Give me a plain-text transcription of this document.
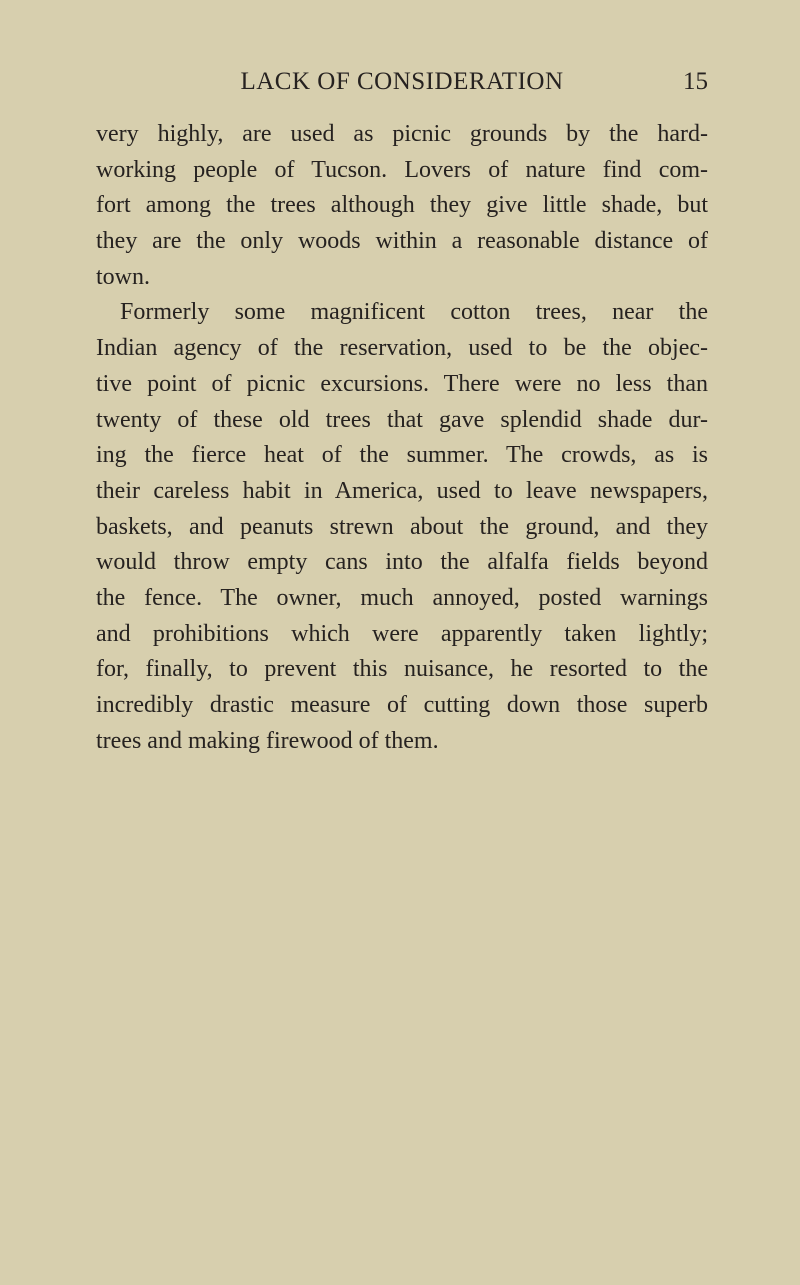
LACK OF CONSIDERATION	15
very highly, are used as picnic grounds by the hard-
working people of Tucson. Lovers of nature find com-
fort among the trees although they give little shade, but
they are the only woods within a reasonable distance of
town.
Formerly some magnificent cotton trees, near the
Indian agency of the reservation, used to be the objec-
tive point of picnic excursions. There were no less than
twenty of these old trees that gave splendid shade dur-
ing the fierce heat of the summer. The crowds, as is
their careless habit in America, used to leave newspapers,
baskets, and peanuts strewn about the ground, and they
would throw empty cans into the alfalfa fields beyond
the fence. The owner, much annoyed, posted warnings
and prohibitions which were apparently taken lightly;
for, finally, to prevent this nuisance, he resorted to the
incredibly drastic measure of cutting down those superb
trees and making firewood of them.
